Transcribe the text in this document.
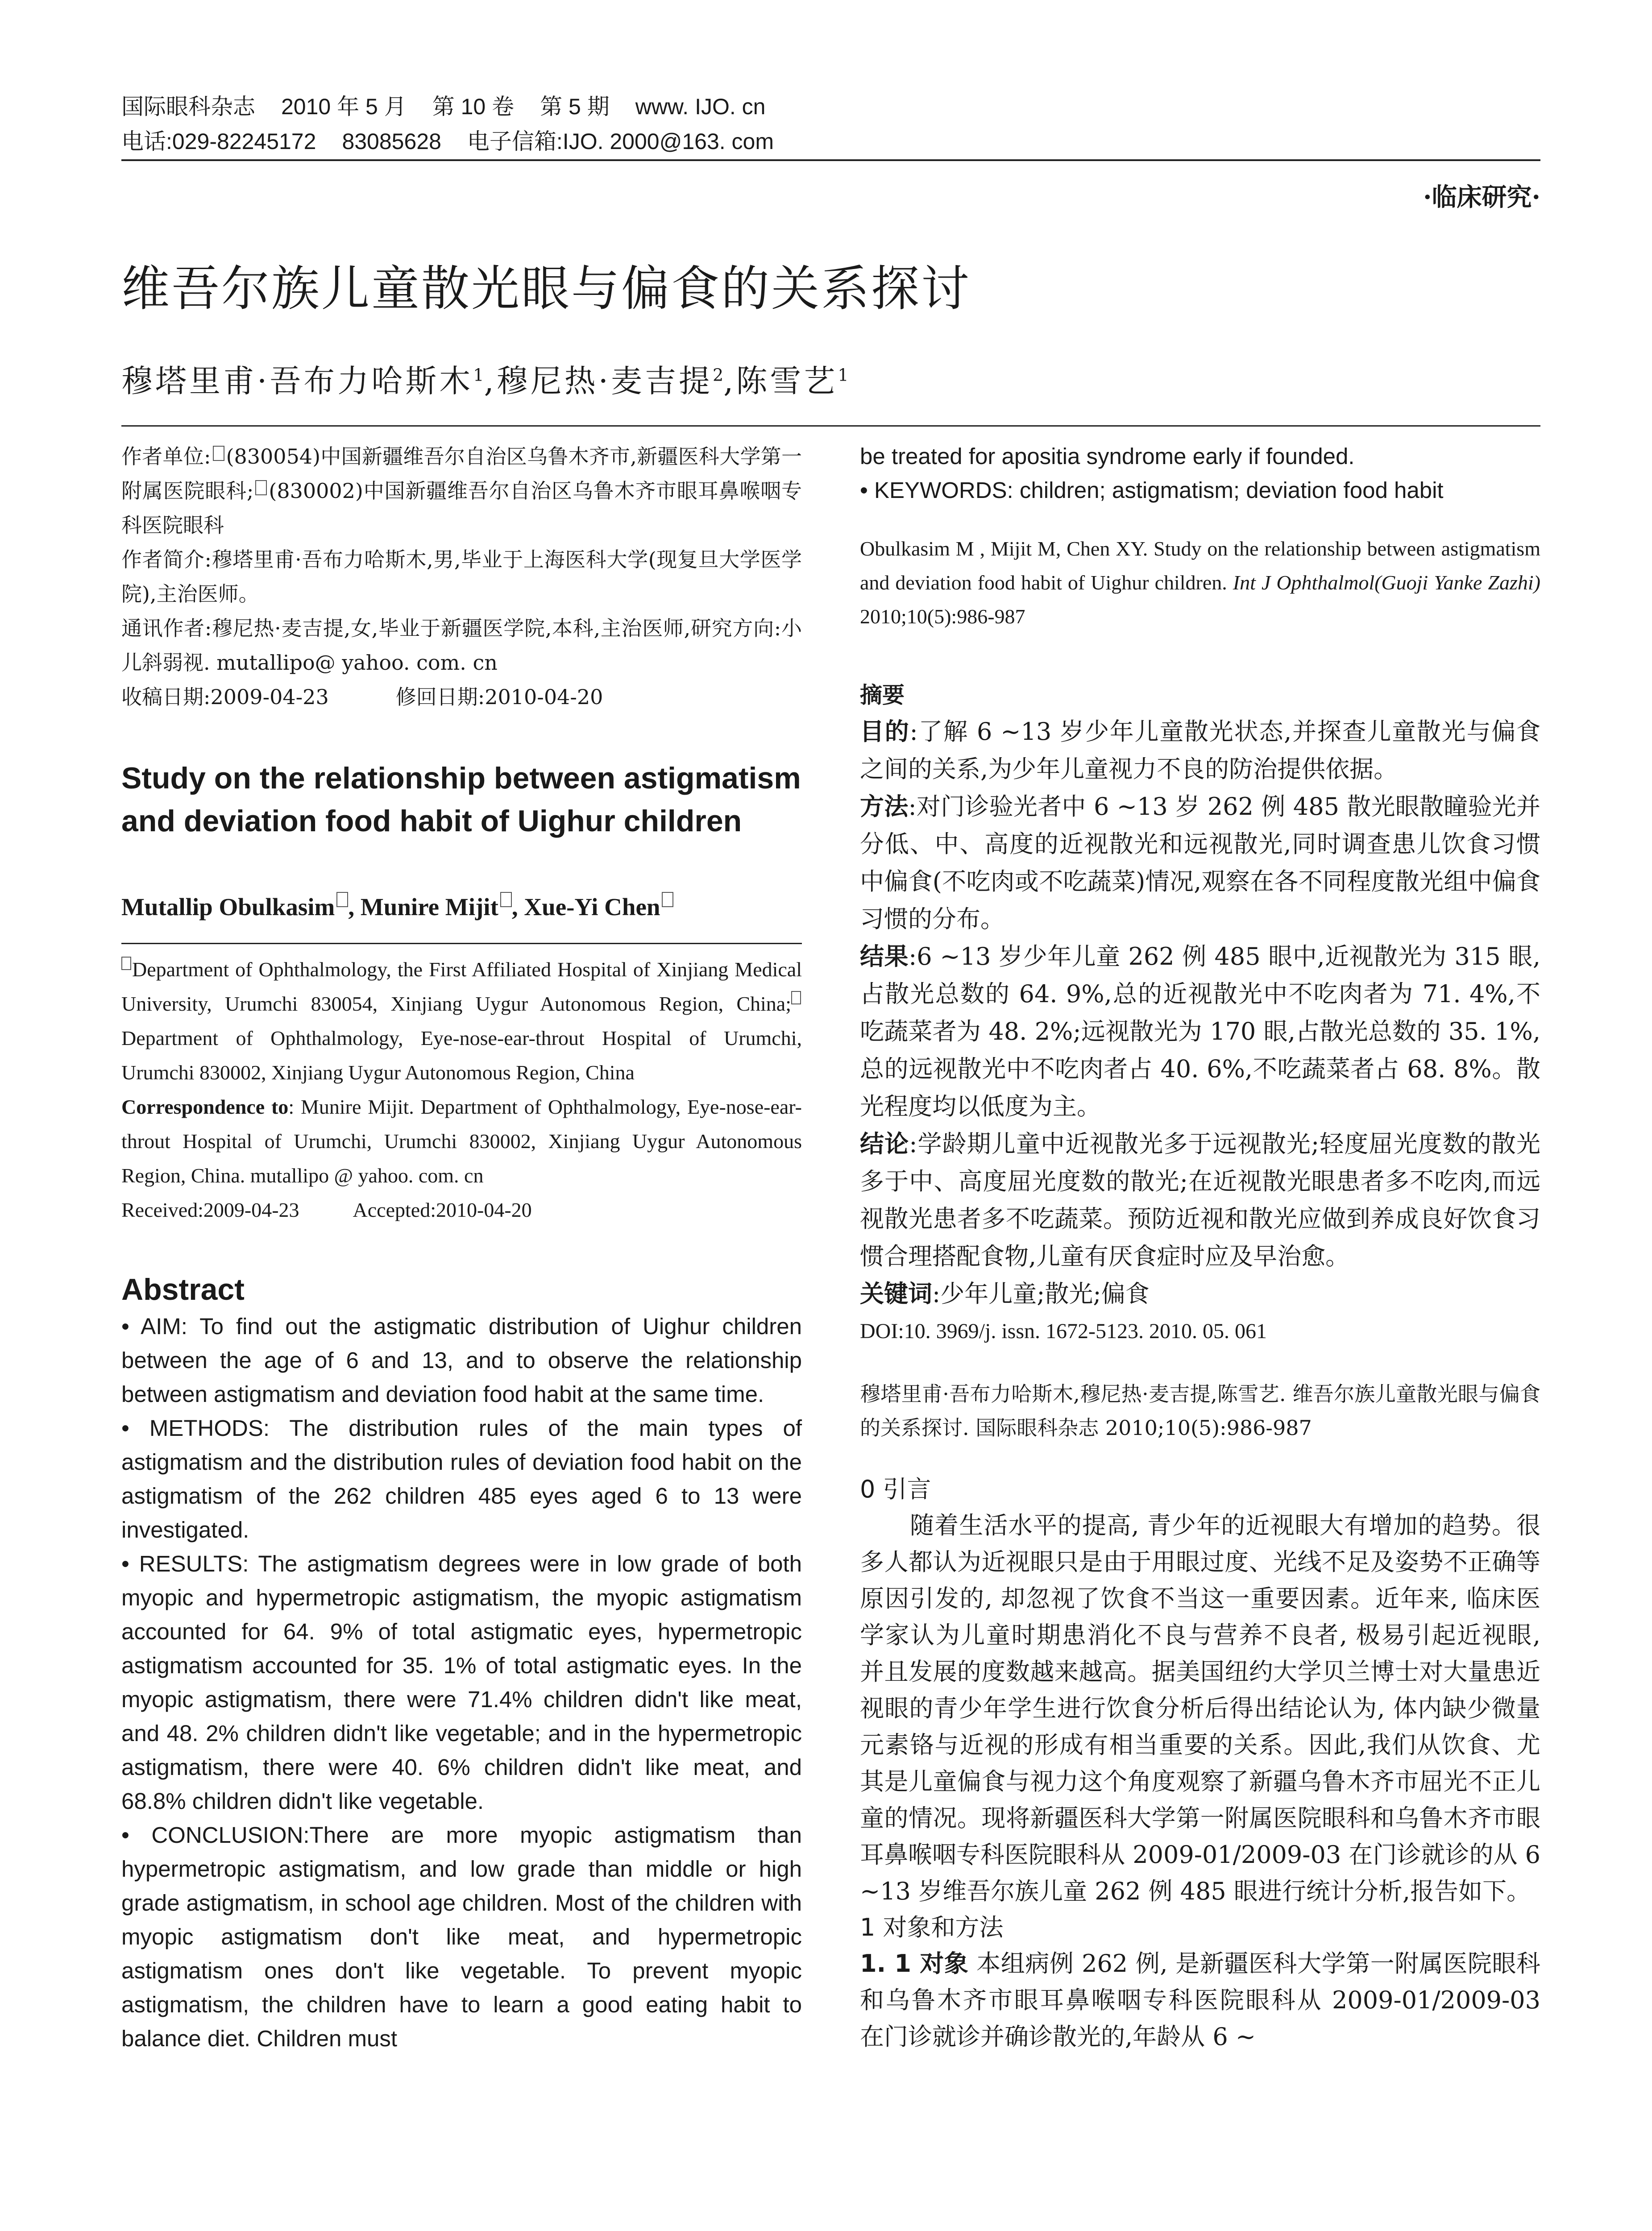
国际眼科杂志 2010 年 5 月 第 10 卷 第 5 期 www. IJO. cn
电话:029-82245172 83085628 电子信箱:IJO. 2000@163. com
·临床研究·
维吾尔族儿童散光眼与偏食的关系探讨
穆塔里甫·吾布力哈斯木$^1$,穆尼热·麦吉提$^2$,陈雪艺$^1$

作者单位: (830054)中国新疆维吾尔自治区乌鲁木齐市,新疆医科大学第一附属医院眼科; (830002)中国新疆维吾尔自治区乌鲁木齐市眼耳鼻喉咽专科医院眼科

作者简介:穆塔里甫·吾布力哈斯木,男,毕业于上海医科大学(现复旦大学医学院),主治医师。

通讯作者:穆尼热·麦吉提,女,毕业于新疆医学院,本科,主治医师,研究方向:小儿斜弱视. mutallipo@ yahoo. com. cn

收稿日期:2009-04-23	修回日期:2010-04-20

Study on the relationship between astigmatism and deviation food habit of Uighur children
Mutallip Obulkasim , Munire Mijit , Xue-Yi Chen

Department of Ophthalmology, the First Affiliated Hospital of Xinjiang Medical University, Urumchi 830054, Xinjiang Uygur Autonomous Region, China;Department of Ophthalmology, Eye-nose-ear-throut Hospital of Urumchi, Urumchi 830002, Xinjiang Uygur Autonomous Region, China

Correspondence to: Munire Mijit. Department of Ophthalmology, Eye-nose-ear-throut Hospital of Urumchi, Urumchi 830002, Xinjiang Uygur Autonomous Region, China. mutallipo @ yahoo. com. cn

Received:2009-04-23	Accepted:2010-04-20

Abstract

• AIM: To find out the astigmatic distribution of Uighur children between the age of 6 and 13, and to observe the relationship between astigmatism and deviation food habit at the same time.

• METHODS: The distribution rules of the main types of astigmatism and the distribution rules of deviation food habit on the astigmatism of the 262 children 485 eyes aged 6 to 13 were investigated.

• RESULTS: The astigmatism degrees were in low grade of both myopic and hypermetropic astigmatism, the myopic astigmatism accounted for 64. 9% of total astigmatic eyes, hypermetropic astigmatism accounted for 35. 1% of total astigmatic eyes. In the myopic astigmatism, there were 71.4% children didn't like meat, and 48. 2% children didn't like vegetable; and in the hypermetropic astigmatism, there were 40. 6% children didn't like meat, and 68.8% children didn't like vegetable.

• CONCLUSION:There are more myopic astigmatism than hypermetropic astigmatism, and low grade than middle or high grade astigmatism, in school age children. Most of the children with myopic astigmatism don't like meat, and hypermetropic astigmatism ones don't like vegetable. To prevent myopic astigmatism, the children have to learn a good eating habit to balance diet. Children must

be treated for apositia syndrome early if founded.

• KEYWORDS: children; astigmatism; deviation food habit

Obulkasim M , Mijit M, Chen XY. Study on the relationship between astigmatism and deviation food habit of Uighur children. Int J Ophthalmol(Guoji Yanke Zazhi) 2010;10(5):986-987
摘要

目的:了解 6 ~13 岁少年儿童散光状态,并探查儿童散光与偏食之间的关系,为少年儿童视力不良的防治提供依据。

方法:对门诊验光者中 6 ~13 岁 262 例 485 散光眼散瞳验光并分低、中、高度的近视散光和远视散光,同时调查患儿饮食习惯中偏食(不吃肉或不吃蔬菜)情况,观察在各不同程度散光组中偏食习惯的分布。

结果:6 ~13 岁少年儿童 262 例 485 眼中,近视散光为 315 眼,占散光总数的 64. 9%,总的近视散光中不吃肉者为 71. 4%,不吃蔬菜者为 48. 2%;远视散光为 170 眼,占散光总数的 35. 1%,总的远视散光中不吃肉者占 40. 6%,不吃蔬菜者占 68. 8%。散光程度均以低度为主。

结论:学龄期儿童中近视散光多于远视散光;轻度屈光度数的散光多于中、高度屈光度数的散光;在近视散光眼患者多不吃肉,而远视散光患者多不吃蔬菜。预防近视和散光应做到养成良好饮食习惯合理搭配食物,儿童有厌食症时应及早治愈。

关键词:少年儿童;散光;偏食

DOI:10. 3969/j. issn. 1672-5123. 2010. 05. 061

穆塔里甫·吾布力哈斯木,穆尼热·麦吉提,陈雪艺. 维吾尔族儿童散光眼与偏食的关系探讨. 国际眼科杂志 2010;10(5):986-987

0 引言

随着生活水平的提高, 青少年的近视眼大有增加的趋势。很多人都认为近视眼只是由于用眼过度、光线不足及姿势不正确等原因引发的, 却忽视了饮食不当这一重要因素。近年来, 临床医学家认为儿童时期患消化不良与营养不良者, 极易引起近视眼, 并且发展的度数越来越高。据美国纽约大学贝兰博士对大量患近视眼的青少年学生进行饮食分析后得出结论认为, 体内缺少微量元素铬与近视的形成有相当重要的关系。因此,我们从饮食、尤其是儿童偏食与视力这个角度观察了新疆乌鲁木齐市屈光不正儿童的情况。现将新疆医科大学第一附属医院眼科和乌鲁木齐市眼耳鼻喉咽专科医院眼科从 2009-01/2009-03 在门诊就诊的从 6 ~13 岁维吾尔族儿童 262 例 485 眼进行统计分析,报告如下。

1 对象和方法

1. 1 对象 本组病例 262 例, 是新疆医科大学第一附属医院眼科和乌鲁木齐市眼耳鼻喉咽专科医院眼科从 2009-01/2009-03 在门诊就诊并确诊散光的,年龄从 6 ~
